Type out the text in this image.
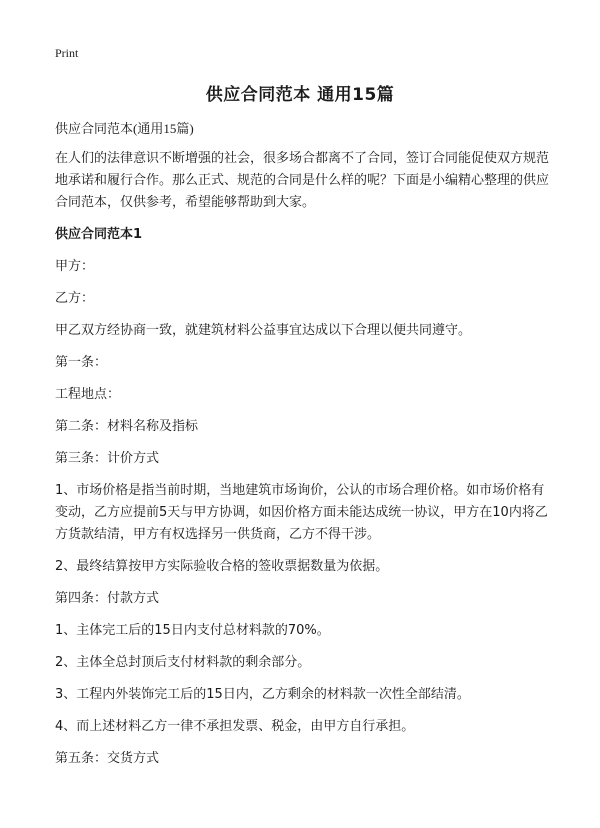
Print
供应合同范本 通用15篇

供应合同范本(通用15篇)

在人们的法律意识不断增强的社会，很多场合都离不了合同，签订合同能促使双方规范地承诺和履行合作。那么正式、规范的合同是什么样的呢？下面是小编精心整理的供应合同范本，仅供参考，希望能够帮助到大家。

供应合同范本1

甲方：

乙方：

甲乙双方经协商一致，就建筑材料公益事宜达成以下合理以便共同遵守。

第一条：

工程地点：

第二条：材料名称及指标

第三条：计价方式

1、市场价格是指当前时期，当地建筑市场询价，公认的市场合理价格。如市场价格有变动，乙方应提前5天与甲方协调，如因价格方面未能达成统一协议，甲方在10内将乙方货款结清，甲方有权选择另一供货商，乙方不得干涉。

2、最终结算按甲方实际验收合格的签收票据数量为依据。

第四条：付款方式

1、主体完工后的15日内支付总材料款的70%。

2、主体全总封顶后支付材料款的剩余部分。

3、工程内外装饰完工后的15日内，乙方剩余的材料款一次性全部结清。

4、而上述材料乙方一律不承担发票、税金，由甲方自行承担。

第五条：交货方式
